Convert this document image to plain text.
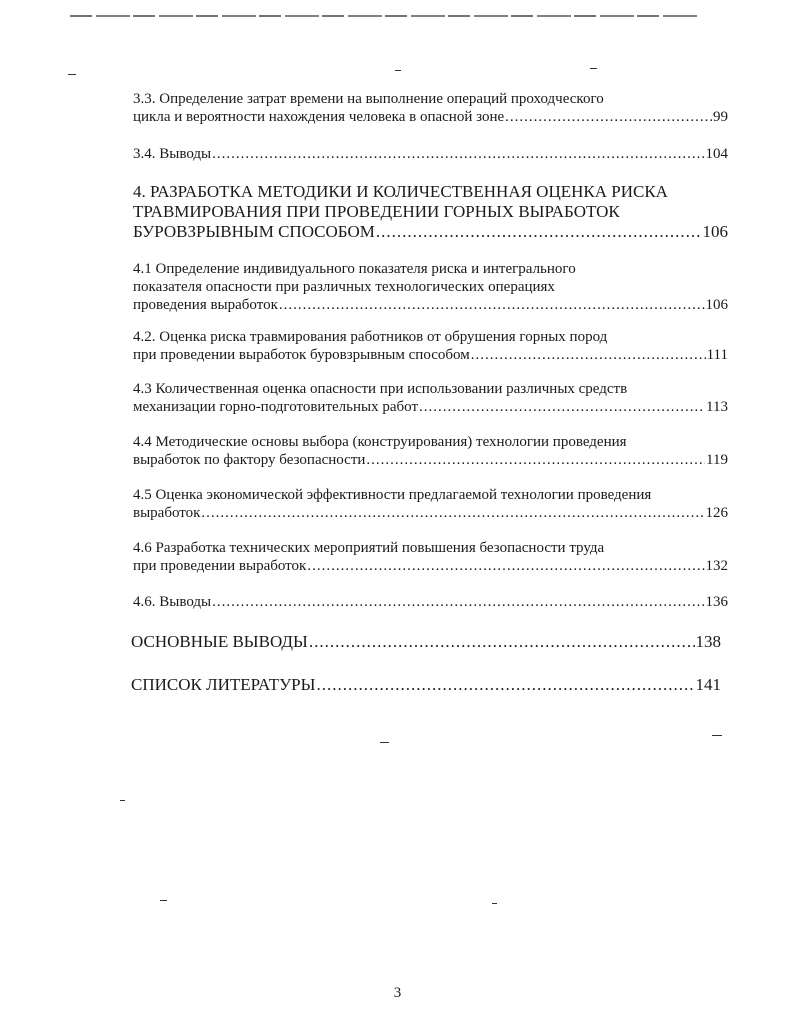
3.3. Определение затрат времени на выполнение операций проходческого
цикла и вероятности нахождения человека в опасной зоне .....	99
3.4. Выводы .....	104
4. РАЗРАБОТКА МЕТОДИКИ И КОЛИЧЕСТВЕННАЯ ОЦЕНКА РИСКА
ТРАВМИРОВАНИЯ ПРИ ПРОВЕДЕНИИ ГОРНЫХ ВЫРАБОТОК
БУРОВЗРЫВНЫМ СПОСОБОМ .....	106
4.1 Определение индивидуального показателя риска и интегрального
показателя опасности при различных технологических операциях
проведения выработок .....	106
4.2. Оценка риска травмирования работников от обрушения горных пород
при проведении выработок буровзрывным способом .....	111
4.3 Количественная оценка опасности при использовании различных средств
механизации горно-подготовительных работ .....	113
4.4 Методические основы выбора (конструирования) технологии проведения
выработок по фактору безопасности .....	119
4.5 Оценка экономической эффективности предлагаемой технологии проведения
выработок .....	126
4.6 Разработка технических мероприятий повышения безопасности труда
при проведении выработок .....	132
4.6. Выводы .....	136
ОСНОВНЫЕ ВЫВОДЫ .....	138
СПИСОК ЛИТЕРАТУРЫ .....	141
3
